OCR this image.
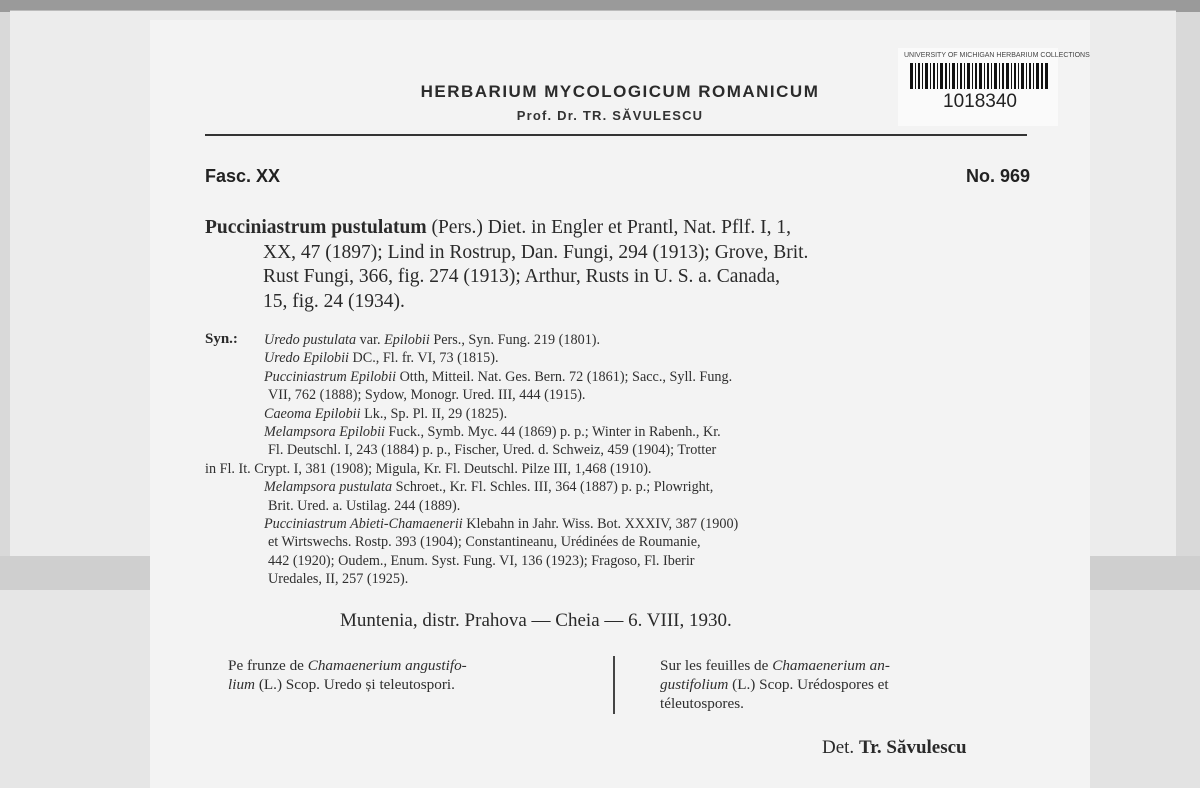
HERBARIUM MYCOLOGICUM ROMANICUM
Prof. Dr. TR. SĂVULESCU
UNIVERSITY OF MICHIGAN HERBARIUM COLLECTIONS
1018340
Fasc. XX	No. 969
Pucciniastrum pustulatum (Pers.) Diet. in Engler et Prantl, Nat. Pflf. I, 1,
XX, 47 (1897); Lind in Rostrup, Dan. Fungi, 294 (1913); Grove, Brit.
Rust Fungi, 366, fig. 274 (1913); Arthur, Rusts in U. S. a. Canada,
15, fig. 24 (1934).
Syn.: Uredo pustulata var. Epilobii Pers., Syn. Fung. 219 (1801).
Uredo Epilobii DC., Fl. fr. VI, 73 (1815).
Pucciniastrum Epilobii Otth, Mitteil. Nat. Ges. Bern. 72 (1861); Sacc., Syll. Fung.
VII, 762 (1888); Sydow, Monogr. Ured. III, 444 (1915).
Caeoma Epilobii Lk., Sp. Pl. II, 29 (1825).
Melampsora Epilobii Fuck., Symb. Myc. 44 (1869) p. p.; Winter in Rabenh., Kr.
Fl. Deutschl. I, 243 (1884) p. p., Fischer, Ured. d. Schweiz, 459 (1904); Trotter
in Fl. It. Crypt. I, 381 (1908); Migula, Kr. Fl. Deutschl. Pilze III, 1,468 (1910).
Melampsora pustulata Schroet., Kr. Fl. Schles. III, 364 (1887) p. p.; Plowright,
Brit. Ured. a. Ustilag. 244 (1889).
Pucciniastrum Abieti-Chamaenerii Klebahn in Jahr. Wiss. Bot. XXXIV, 387 (1900)
et Wirtswechs. Rostp. 393 (1904); Constantineanu, Urédinées de Roumanie,
442 (1920); Oudem., Enum. Syst. Fung. VI, 136 (1923); Fragoso, Fl. Iberir
Uredales, II, 257 (1925).
Muntenia, distr. Prahova — Cheia — 6. VIII, 1930.
Pe frunze de Chamaenerium angustifo-
lium (L.) Scop. Uredo și teleutospori.
Sur les feuilles de Chamaenerium an-
gustifolium (L.) Scop. Urédospores et
téleutospores.
Det. Tr. Săvulescu
